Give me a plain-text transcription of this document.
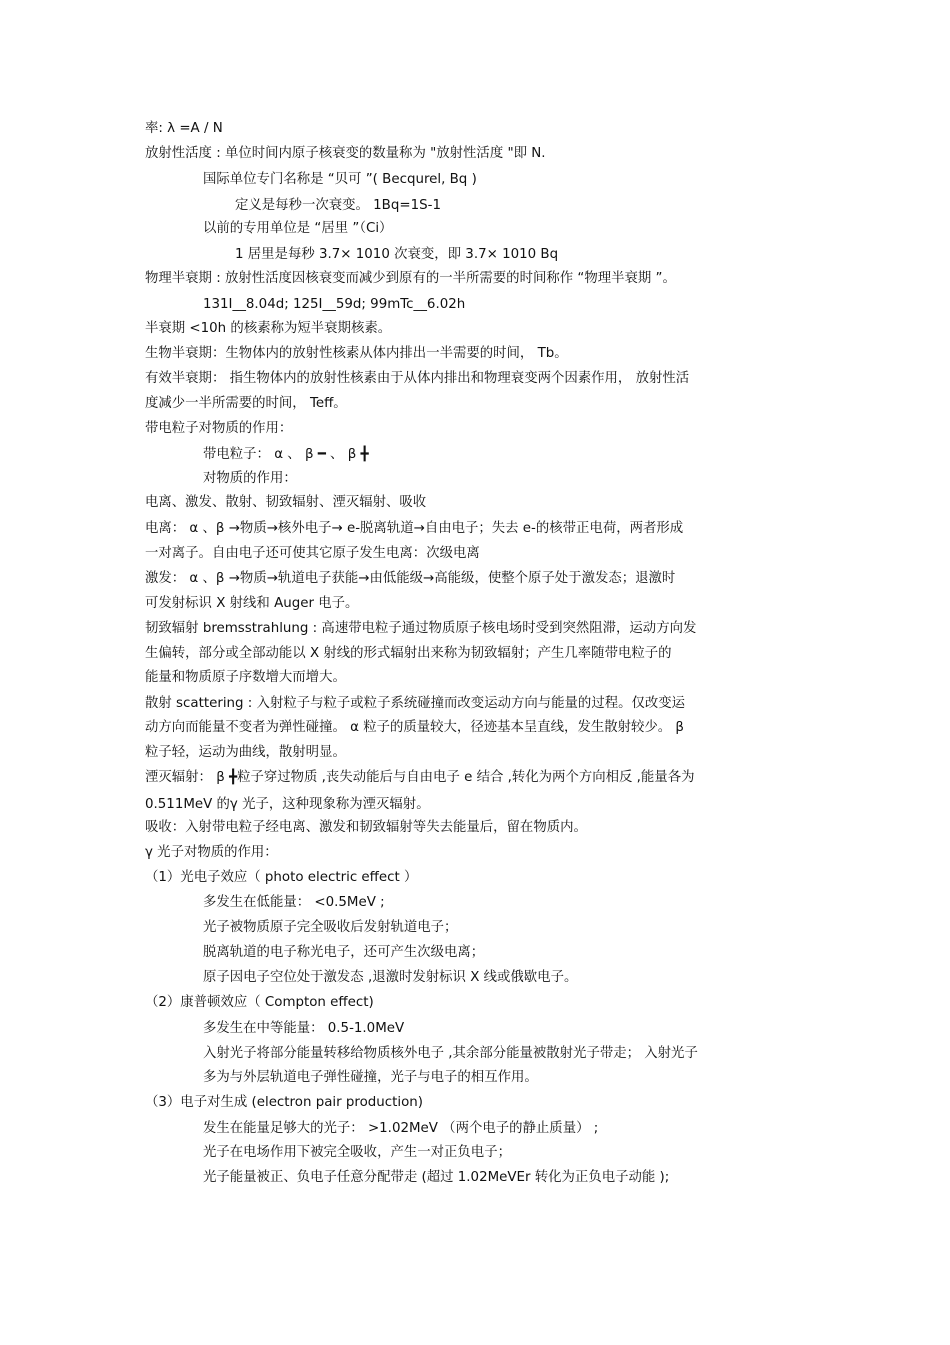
率: λ =A / N
放射性活度 : 单位时间内原子核衰变的数量称为 "放射性活度 "即 N.
国际单位专门名称是 “贝可 ”( Becqurel, Bq )
定义是每秒一次衰变。 1Bq=1S-1
以前的专用单位是 “居里 ”（Ci）
1 居里是每秒 3.7× 1010 次衰变，即 3.7× 1010 Bq
物理半衰期 : 放射性活度因核衰变而减少到原有的一半所需要的时间称作 “物理半衰期 ”。
131I__8.04d; 125I__59d; 99mTc__6.02h
半衰期 <10h 的核素称为短半衰期核素。
生物半衰期：生物体内的放射性核素从体内排出一半需要的时间， Tb。
有效半衰期： 指生物体内的放射性核素由于从体内排出和物理衰变两个因素作用， 放射性活
度减少一半所需要的时间， Teff。
带电粒子对物质的作用：
带电粒子： α 、 β ━ 、 β ╋
对物质的作用：
电离、激发、散射、韧致辐射、湮灭辐射、吸收
电离： α 、β →物质→核外电子→ e-脱离轨道→自由电子；失去 e-的核带正电荷，两者形成
一对离子。自由电子还可使其它原子发生电离：次级电离
激发： α 、β →物质→轨道电子获能→由低能级→高能级，使整个原子处于激发态；退激时
可发射标识 X 射线和 Auger 电子。
韧致辐射 bremsstrahlung : 高速带电粒子通过物质原子核电场时受到突然阻滞，运动方向发
生偏转，部分或全部动能以 X 射线的形式辐射出来称为韧致辐射；产生几率随带电粒子的
能量和物质原子序数增大而增大。
散射 scattering : 入射粒子与粒子或粒子系统碰撞而改变运动方向与能量的过程。仅改变运
动方向而能量不变者为弹性碰撞。 α 粒子的质量较大，径迹基本呈直线，发生散射较少。 β
粒子轻，运动为曲线，散射明显。
湮灭辐射： β ╋粒子穿过物质 ,丧失动能后与自由电子 e 结合 ,转化为两个方向相反 ,能量各为
0.511MeV 的γ 光子，这种现象称为湮灭辐射。
吸收：入射带电粒子经电离、激发和韧致辐射等失去能量后，留在物质内。
γ 光子对物质的作用：
（1）光电子效应（ photo electric effect ）
多发生在低能量： <0.5MeV ;
光子被物质原子完全吸收后发射轨道电子；
脱离轨道的电子称光电子，还可产生次级电离；
原子因电子空位处于激发态 ,退激时发射标识 X 线或俄歇电子。
（2）康普顿效应（ Compton effect)
多发生在中等能量： 0.5-1.0MeV
入射光子将部分能量转移给物质核外电子 ,其余部分能量被散射光子带走； 入射光子
多为与外层轨道电子弹性碰撞，光子与电子的相互作用。
（3）电子对生成 (electron pair production)
发生在能量足够大的光子： >1.02MeV （两个电子的静止质量） ;
光子在电场作用下被完全吸收，产生一对正负电子；
光子能量被正、负电子任意分配带走 (超过 1.02MeVEr 转化为正负电子动能 );
